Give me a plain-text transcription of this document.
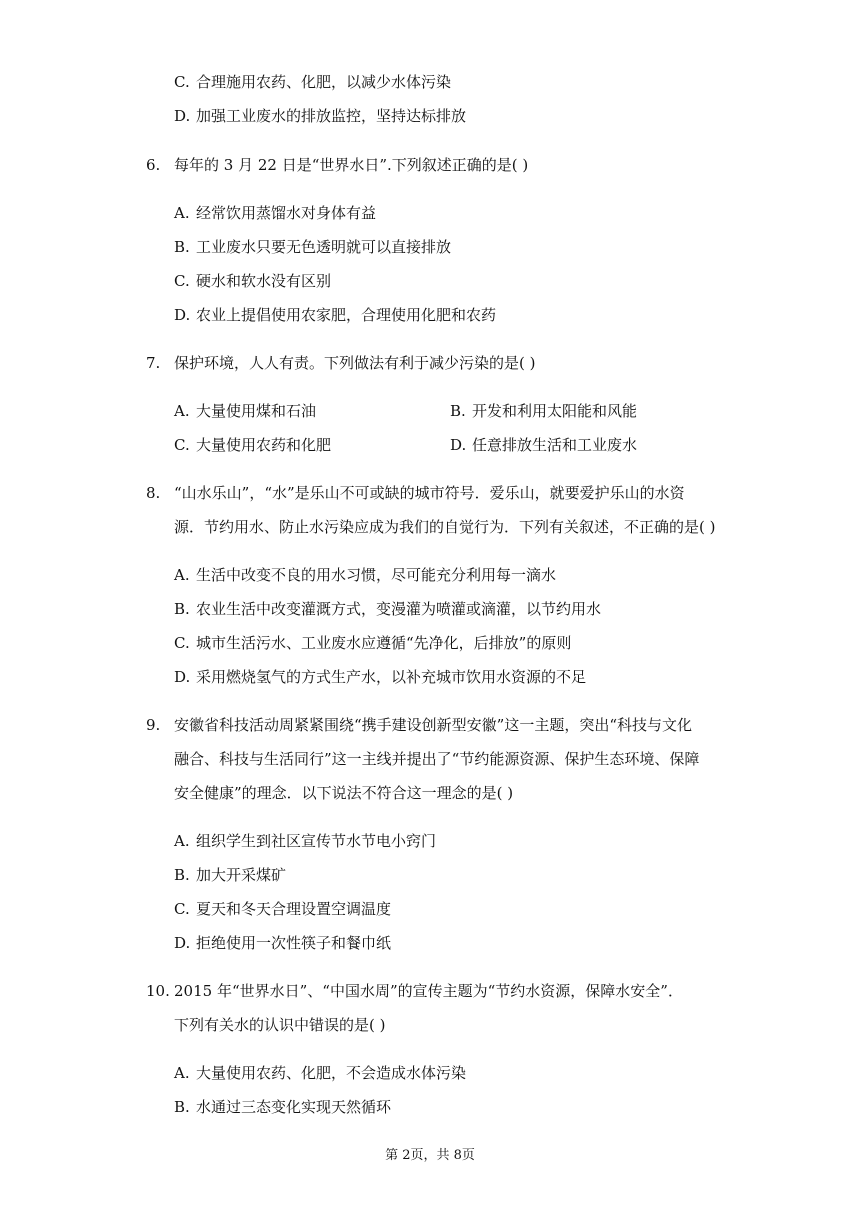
C. 合理施用农药、化肥，以减少水体污染
D. 加强工业废水的排放监控，坚持达标排放
6. 每年的 3 月 22 日是“世界水日”.下列叙述正确的是( )
A. 经常饮用蒸馏水对身体有益
B. 工业废水只要无色透明就可以直接排放
C. 硬水和软水没有区别
D. 农业上提倡使用农家肥，合理使用化肥和农药
7. 保护环境，人人有责。下列做法有利于减少污染的是( )
A. 大量使用煤和石油	B. 开发和利用太阳能和风能
C. 大量使用农药和化肥	D. 任意排放生活和工业废水
8. “山水乐山”，“水”是乐山不可或缺的城市符号．爱乐山，就要爱护乐山的水资
源．节约用水、防止水污染应成为我们的自觉行为．下列有关叙述，不正确的是( )
A. 生活中改变不良的用水习惯，尽可能充分利用每一滴水
B. 农业生活中改变灌溉方式，变漫灌为喷灌或滴灌，以节约用水
C. 城市生活污水、工业废水应遵循“先净化，后排放”的原则
D. 采用燃烧氢气的方式生产水，以补充城市饮用水资源的不足
9. 安徽省科技活动周紧紧围绕“携手建设创新型安徽”这一主题，突出“科技与文化
融合、科技与生活同行”这一主线并提出了“节约能源资源、保护生态环境、保障
安全健康”的理念．以下说法不符合这一理念的是( )
A. 组织学生到社区宣传节水节电小窍门
B. 加大开采煤矿
C. 夏天和冬天合理设置空调温度
D. 拒绝使用一次性筷子和餐巾纸
10. 2015 年“世界水日”、“中国水周”的宣传主题为“节约水资源，保障水安全”．
下列有关水的认识中错误的是( )
A. 大量使用农药、化肥，不会造成水体污染
B. 水通过三态变化实现天然循环
第 2页，共 8页
